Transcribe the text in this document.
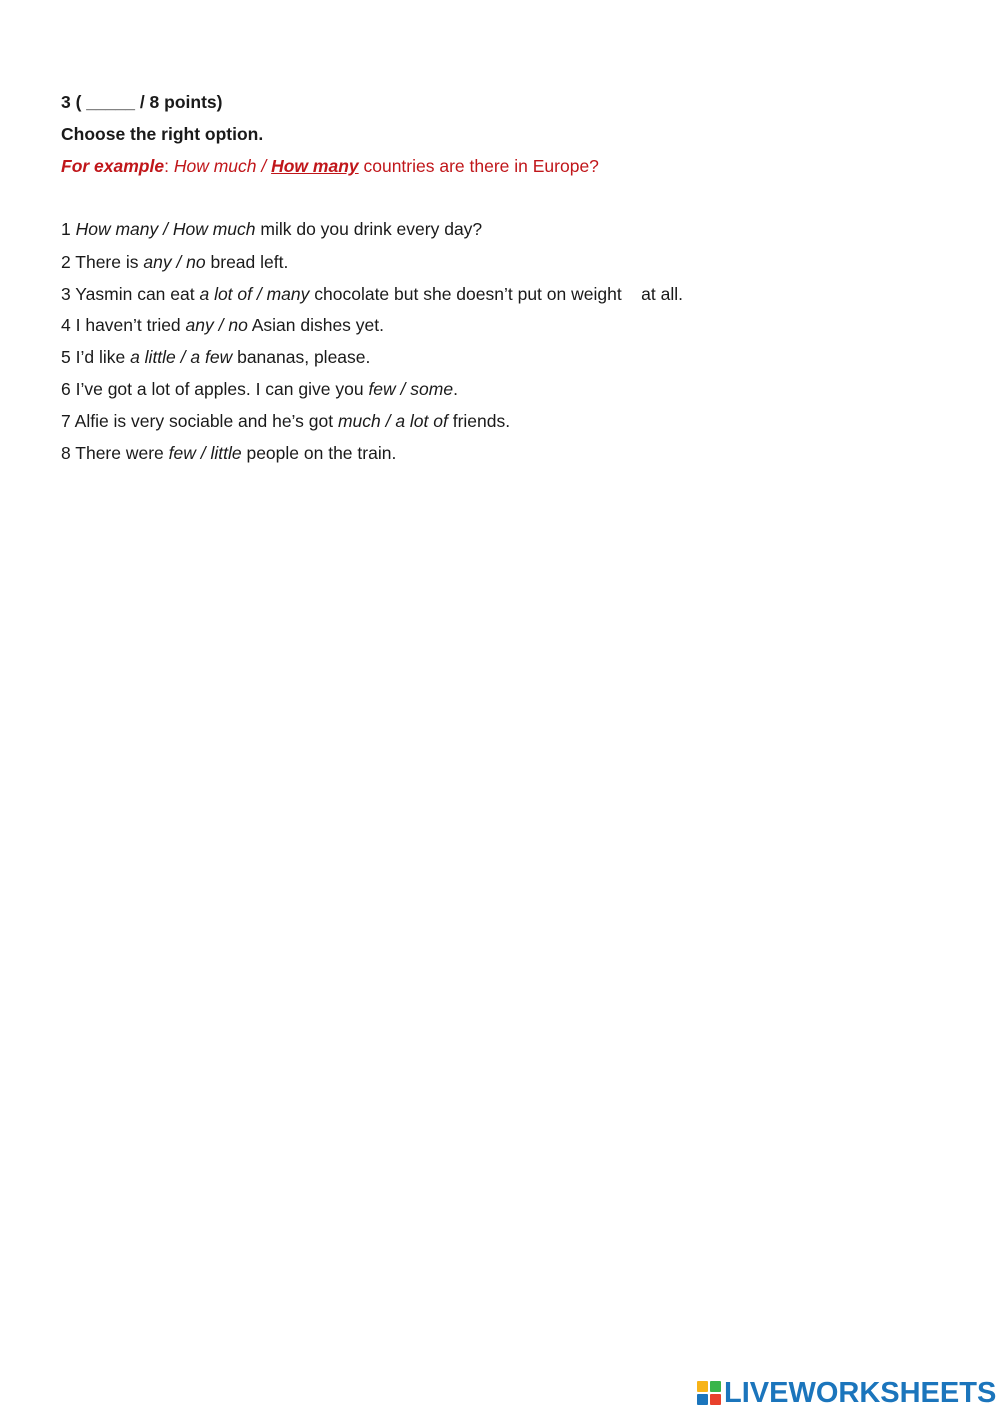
3 ( _____ / 8 points)
Choose the right option.
For example: How much / How many countries are there in Europe?
1 How many / How much milk do you drink every day?
2 There is any / no bread left.
3 Yasmin can eat a lot of / many chocolate but she doesn’t put on weight    at all.
4 I haven’t tried any / no Asian dishes yet.
5 I’d like a little / a few bananas, please.
6 I’ve got a lot of apples. I can give you few / some.
7 Alfie is very sociable and he’s got much / a lot of friends.
8 There were few / little people on the train.
LIVEWORKSHEETS
